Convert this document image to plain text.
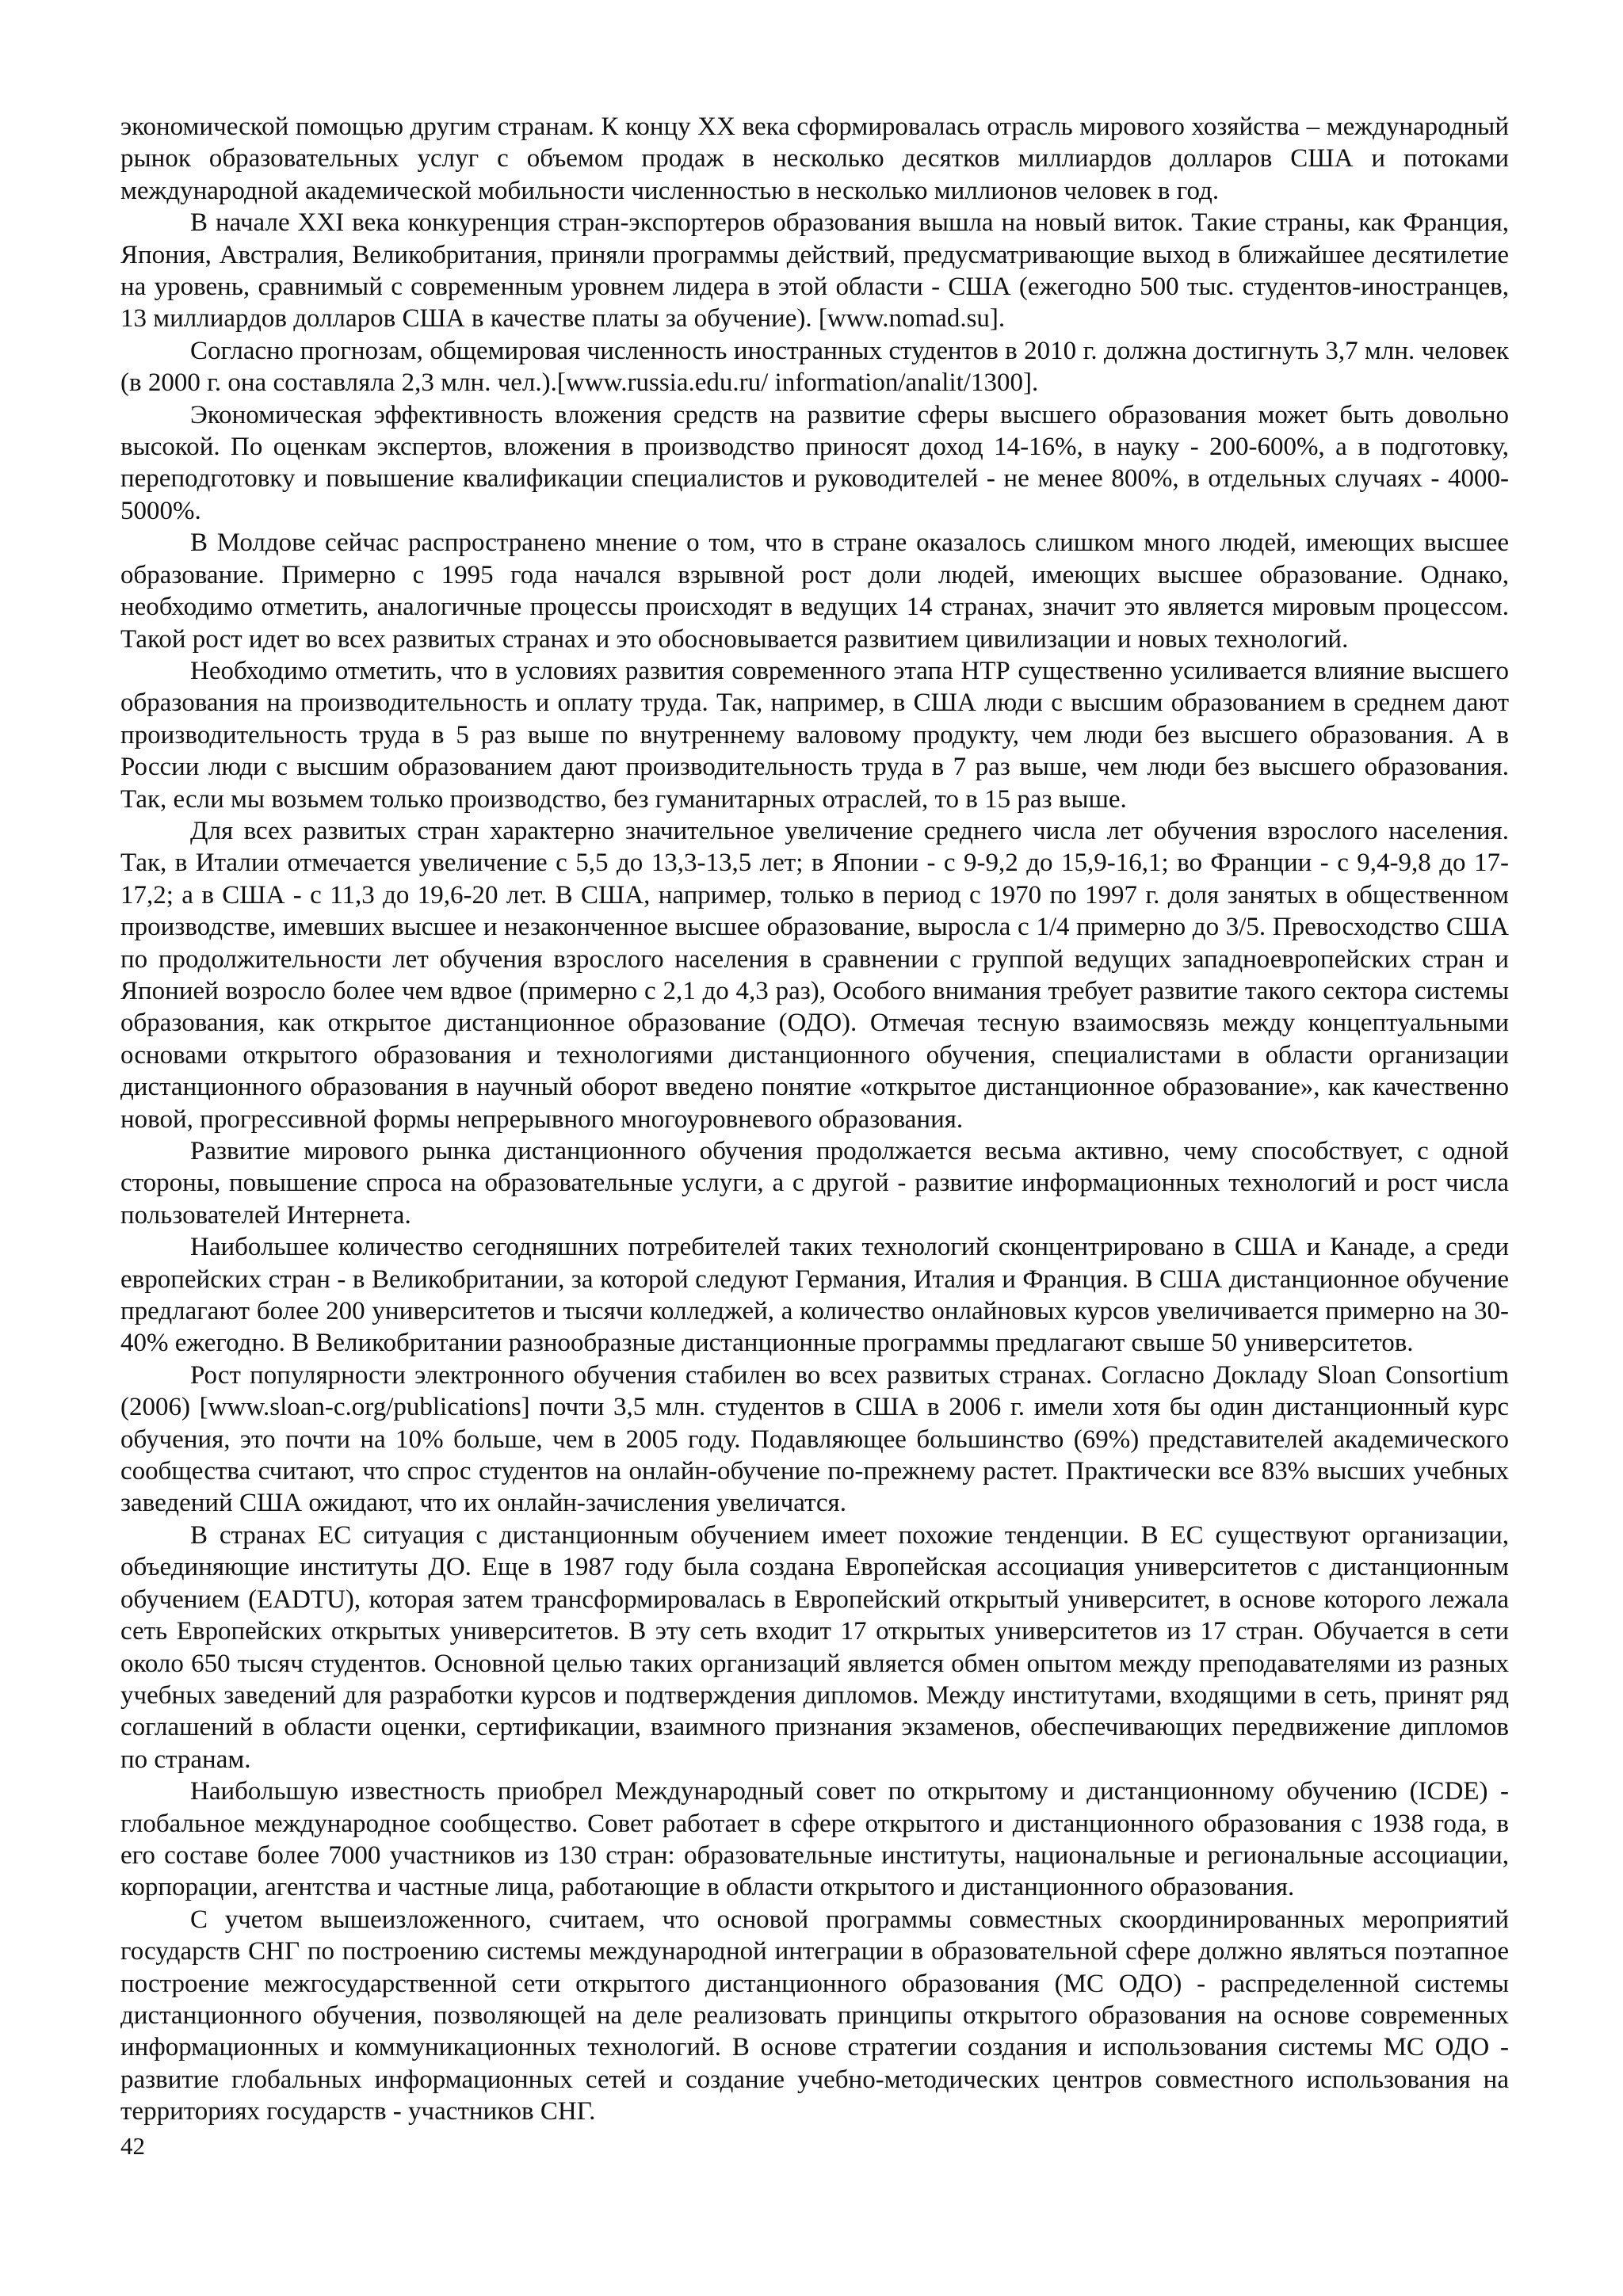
экономической помощью другим странам. К концу XX века сформировалась отрасль мирового хозяйства – международный рынок образовательных услуг с объемом продаж в несколько десятков миллиардов долларов США и потоками международной академической мобильности численностью в несколько миллионов человек в год.

В начале XXI века конкуренция стран-экспортеров образования вышла на новый виток. Такие страны, как Франция, Япония, Австралия, Великобритания, приняли программы действий, предусматривающие выход в ближайшее десятилетие на уровень, сравнимый с современным уровнем лидера в этой области - США (ежегодно 500 тыс. студентов-иностранцев, 13 миллиардов долларов США в качестве платы за обучение). [www.nomad.su].

Согласно прогнозам, общемировая численность иностранных студентов в 2010 г. должна достигнуть 3,7 млн. человек (в 2000 г. она составляла 2,3 млн. чел.).[www.russia.edu.ru/ information/analit/1300].

Экономическая эффективность вложения средств на развитие сферы высшего образования может быть довольно высокой. По оценкам экспертов, вложения в производство приносят доход 14-16%, в науку - 200-600%, а в подготовку, переподготовку и повышение квалификации специалистов и руководителей - не менее 800%, в отдельных случаях - 4000-5000%.

В Молдове сейчас распространено мнение о том, что в стране оказалось слишком много людей, имеющих высшее образование. Примерно с 1995 года начался взрывной рост доли людей, имеющих высшее образование. Однако, необходимо отметить, аналогичные процессы происходят в ведущих 14 странах, значит это является мировым процессом. Такой рост идет во всех развитых странах и это обосновывается развитием цивилизации и новых технологий.

Необходимо отметить, что в условиях развития современного этапа НТР существенно усиливается влияние высшего образования на производительность и оплату труда. Так, например, в США люди с высшим образованием в среднем дают производительность труда в 5 раз выше по внутреннему валовому продукту, чем люди без высшего образования. А в России люди с высшим образованием дают производительность труда в 7 раз выше, чем люди без высшего образования. Так, если мы возьмем только производство, без гуманитарных отраслей, то в 15 раз выше.

Для всех развитых стран характерно значительное увеличение среднего числа лет обучения взрослого населения. Так, в Италии отмечается увеличение с 5,5 до 13,3-13,5 лет; в Японии - с 9-9,2 до 15,9-16,1; во Франции - с 9,4-9,8 до 17-17,2; а в США - с 11,3 до 19,6-20 лет. В США, например, только в период с 1970 по 1997 г. доля занятых в общественном производстве, имевших высшее и незаконченное высшее образование, выросла с 1/4 примерно до 3/5. Превосходство США по продолжительности лет обучения взрослого населения в сравнении с группой ведущих западноевропейских стран и Японией возросло более чем вдвое (примерно с 2,1 до 4,3 раз), Особого внимания требует развитие такого сектора системы образования, как открытое дистанционное образование (ОДО). Отмечая тесную взаимосвязь между концептуальными основами открытого образования и технологиями дистанционного обучения, специалистами в области организации дистанционного образования в научный оборот введено понятие «открытое дистанционное образование», как качественно новой, прогрессивной формы непрерывного многоуровневого образования.

Развитие мирового рынка дистанционного обучения продолжается весьма активно, чему способствует, с одной стороны, повышение спроса на образовательные услуги, а с другой - развитие информационных технологий и рост числа пользователей Интернета.

Наибольшее количество сегодняшних потребителей таких технологий сконцентрировано в США и Канаде, а среди европейских стран - в Великобритании, за которой следуют Германия, Италия и Франция. В США дистанционное обучение предлагают более 200 университетов и тысячи колледжей, а количество онлайновых курсов увеличивается примерно на 30-40% ежегодно. В Великобритании разнообразные дистанционные программы предлагают свыше 50 университетов.

Рост популярности электронного обучения стабилен во всех развитых странах. Согласно Докладу Sloan Consortium (2006) [www.sloan-c.org/publications] почти 3,5 млн. студентов в США в 2006 г. имели хотя бы один дистанционный курс обучения, это почти на 10% больше, чем в 2005 году. Подавляющее большинство (69%) представителей академического сообщества считают, что спрос студентов на онлайн-обучение по-прежнему растет. Практически все 83% высших учебных заведений США ожидают, что их онлайн-зачисления увеличатся.

В странах ЕС ситуация с дистанционным обучением имеет похожие тенденции. В ЕС существуют организации, объединяющие институты ДО. Еще в 1987 году была создана Европейская ассоциация университетов с дистанционным обучением (EADTU), которая затем трансформировалась в Европейский открытый университет, в основе которого лежала сеть Европейских открытых университетов. В эту сеть входит 17 открытых университетов из 17 стран. Обучается в сети около 650 тысяч студентов. Основной целью таких организаций является обмен опытом между преподавателями из разных учебных заведений для разработки курсов и подтверждения дипломов. Между институтами, входящими в сеть, принят ряд соглашений в области оценки, сертификации, взаимного признания экзаменов, обеспечивающих передвижение дипломов по странам.

Наибольшую известность приобрел Международный совет по открытому и дистанционному обучению (ICDE) - глобальное международное сообщество. Совет работает в сфере открытого и дистанционного образования с 1938 года, в его составе более 7000 участников из 130 стран: образовательные институты, национальные и региональные ассоциации, корпорации, агентства и частные лица, работающие в области открытого и дистанционного образования.

С учетом вышеизложенного, считаем, что основой программы совместных скоординированных мероприятий государств СНГ по построению системы международной интеграции в образовательной сфере должно являться поэтапное построение межгосударственной сети открытого дистанционного образования (МС ОДО) - распределенной системы дистанционного обучения, позволяющей на деле реализовать принципы открытого образования на основе современных информационных и коммуникационных технологий. В основе стратегии создания и использования системы МС ОДО - развитие глобальных информационных сетей и создание учебно-методических центров совместного использования на территориях государств - участников СНГ.

42
